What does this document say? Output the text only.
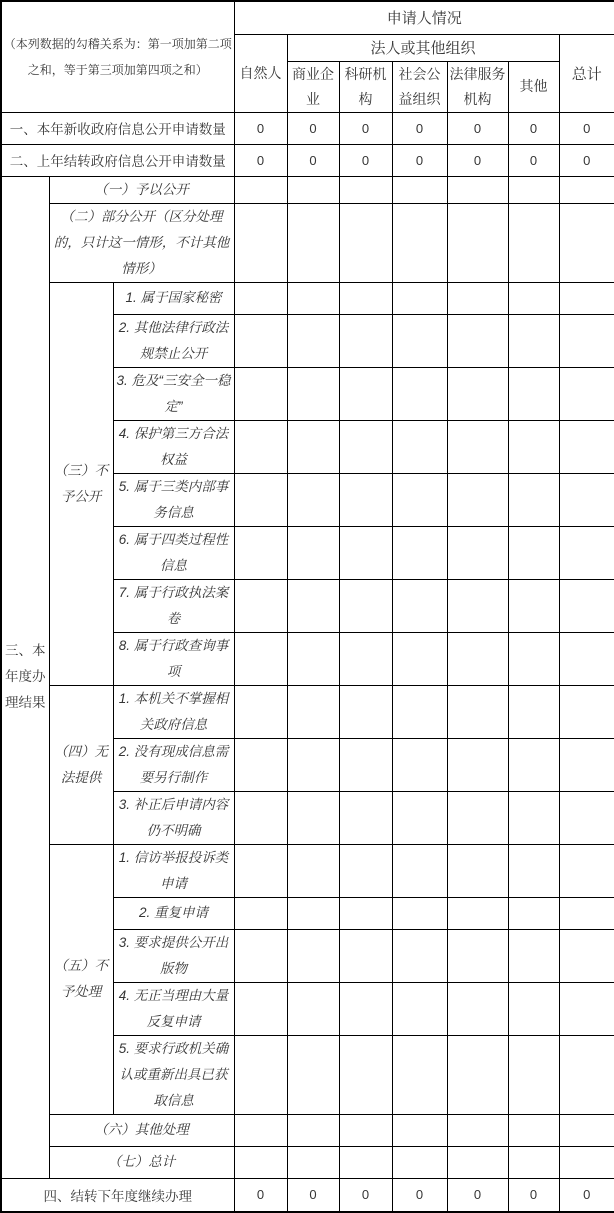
（本列数据的勾稽关系为：第一项加第二项之和，等于第三项加第四项之和）			申请人情况						
			自然人	法人或其他组织					总计
				商业企业	科研机构	社会公益组织	法律服务机构	其他	
一、本年新收政府信息公开申请数量			0	0	0	0	0	0	0
二、上年结转政府信息公开申请数量			0	0	0	0	0	0	0
三、本年度办理结果	（一）予以公开								
	（二）部分公开（区分处理的，只计这一情形，不计其他情形）								
	（三）不予公开	1. 属于国家秘密							
		2. 其他法律行政法规禁止公开							
		3. 危及“三安全一稳定”							
		4. 保护第三方合法权益							
		5. 属于三类内部事务信息							
		6. 属于四类过程性信息							
		7. 属于行政执法案卷							
		8. 属于行政查询事项							
	（四）无法提供	1. 本机关不掌握相关政府信息							
		2. 没有现成信息需要另行制作							
		3. 补正后申请内容仍不明确							
	（五）不予处理	1. 信访举报投诉类申请							
		2. 重复申请							
		3. 要求提供公开出版物							
		4. 无正当理由大量反复申请							
		5. 要求行政机关确认或重新出具已获取信息							
	（六）其他处理								
	（七）总计								
四、结转下年度继续办理			0	0	0	0	0	0	0
